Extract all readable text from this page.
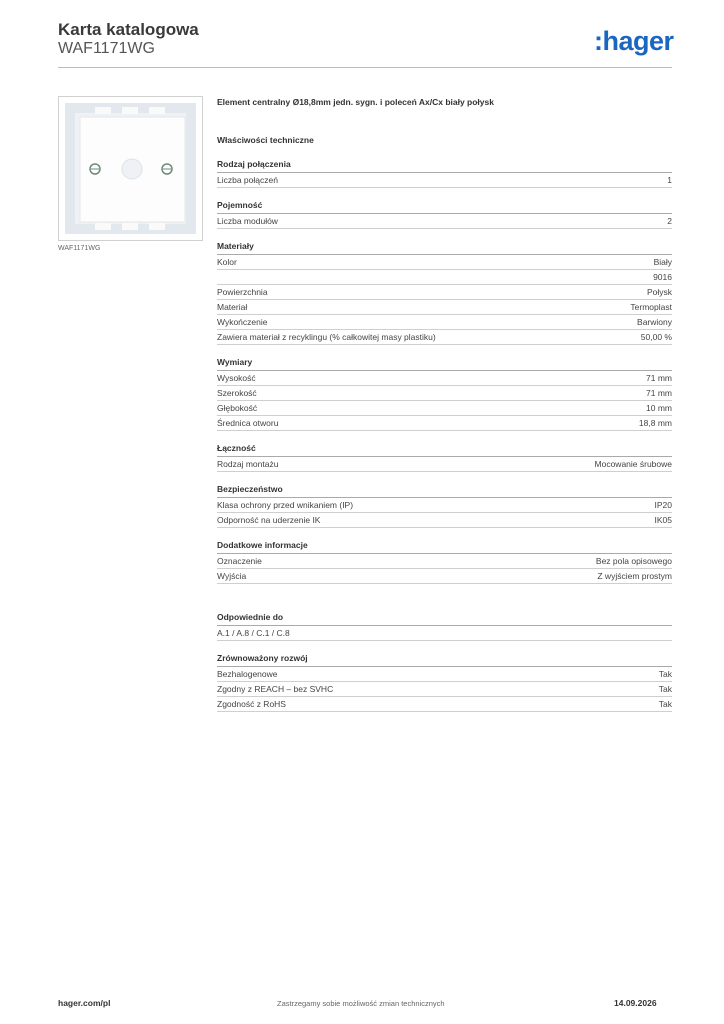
Karta katalogowa
WAF1171WG	:hager
WAF1171WG
Element centralny Ø18,8mm jedn. sygn. i poleceń Ax/Cx biały połysk
Właściwości techniczne
Rodzaj połączenia
Liczba połączeń	1
Pojemność
Liczba modułów	2
Materiały
Kolor	Biały
9016
Powierzchnia	Połysk
Materiał	Termoplast
Wykończenie	Barwiony
Zawiera materiał z recyklingu (% całkowitej masy plastiku)	50,00 %
Wymiary
Wysokość	71 mm
Szerokość	71 mm
Głębokość	10 mm
Średnica otworu	18,8 mm
Łączność
Rodzaj montażu	Mocowanie śrubowe
Bezpieczeństwo
Klasa ochrony przed wnikaniem (IP)	IP20
Odporność na uderzenie IK	IK05
Dodatkowe informacje
Oznaczenie	Bez pola opisowego
Wyjścia	Z wyjściem prostym
Odpowiednie do
A.1 / A.8 / C.1 / C.8
Zrównoważony rozwój
Bezhalogenowe	Tak
Zgodny z REACH – bez SVHC	Tak
Zgodność z RoHS	Tak
hager.com/pl	Zastrzegamy sobie możliwość zmian technicznych	14.09.2026
